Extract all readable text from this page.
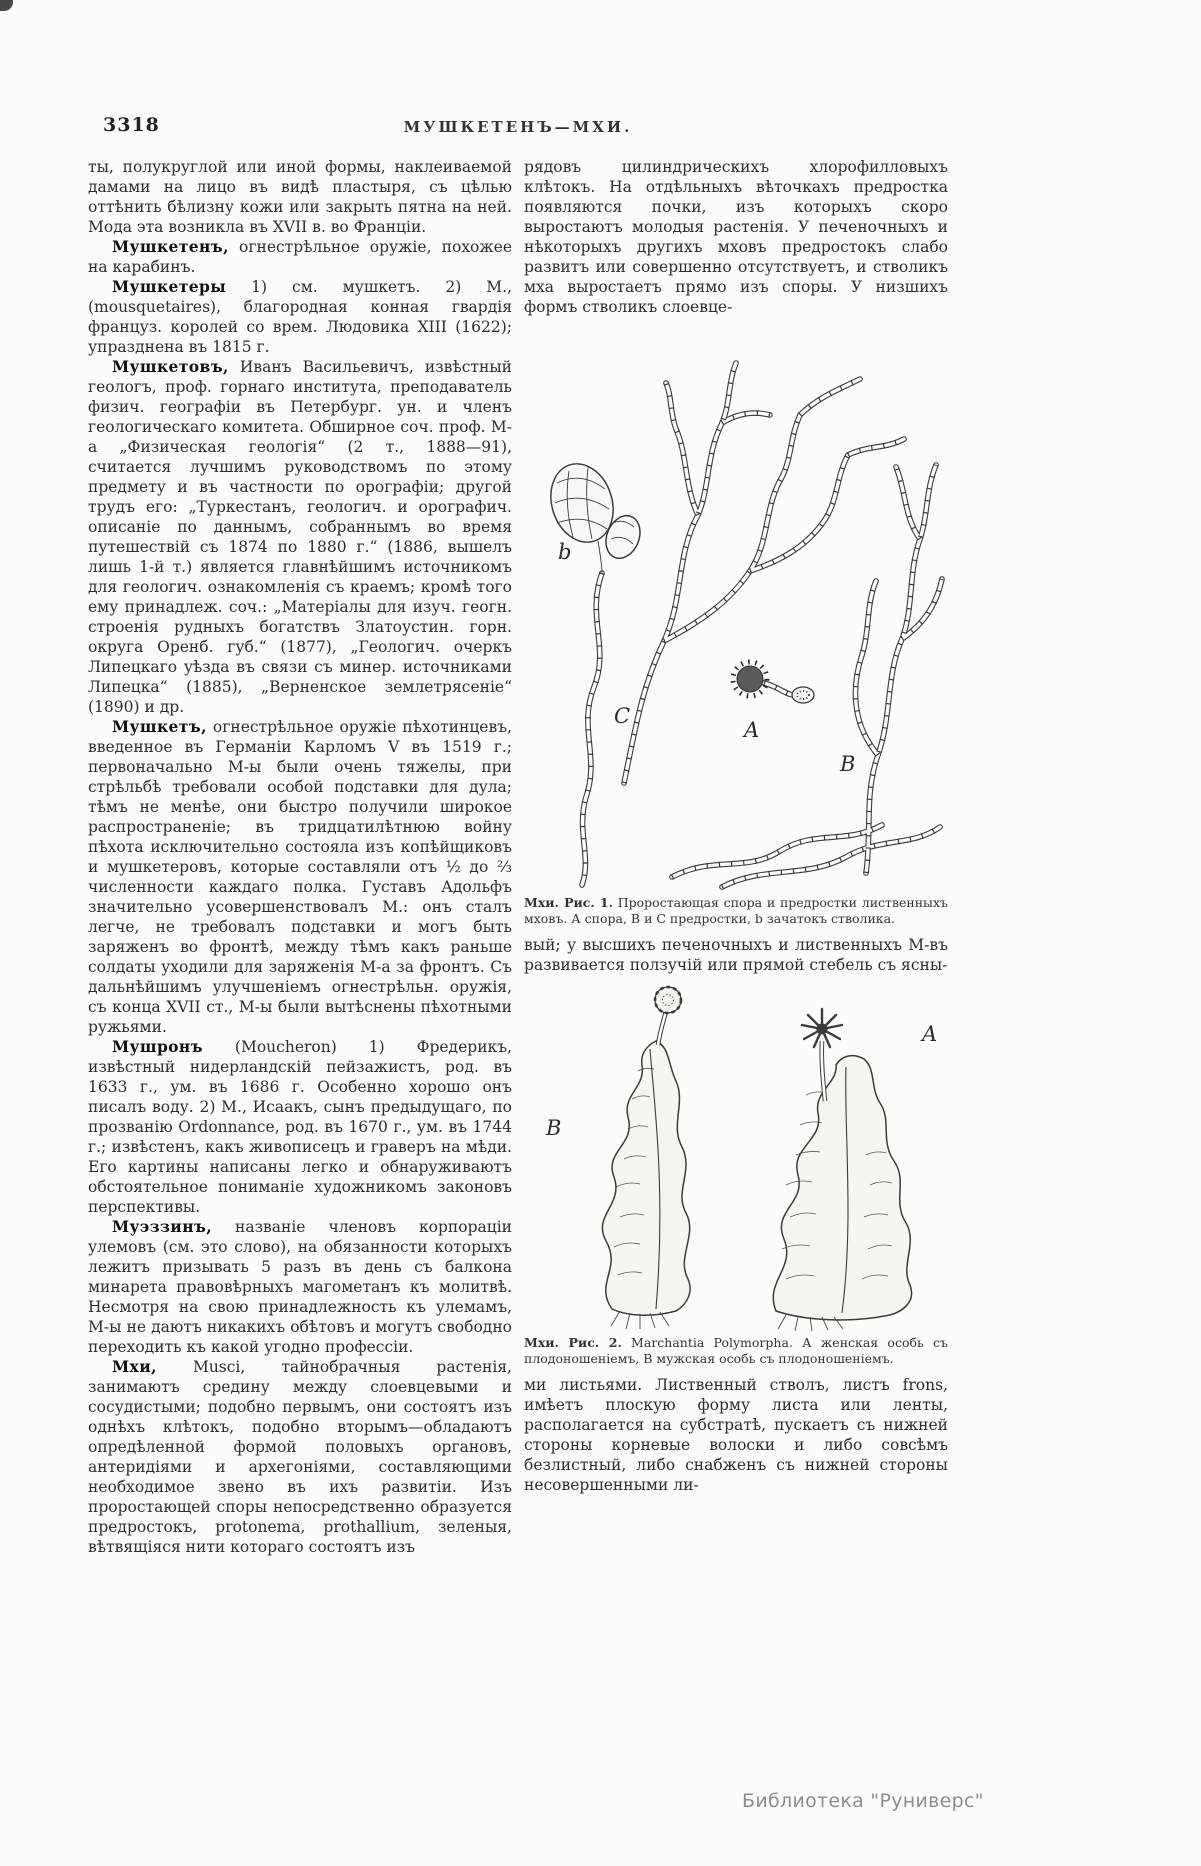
3318	МУШКЕТЕНЪ—МХИ.

ты, полукруглой или иной формы, наклеиваемой дамами на лицо въ видѣ пластыря, съ цѣлью оттѣнить бѣлизну кожи или закрыть пятна на ней. Мода эта возникла въ XVII в. во Франціи.

Мушкетенъ, огнестрѣльное оружіе, похожее на карабинъ.

Мушкетеры 1) см. мушкетъ. 2) М., (mousquetaires), благородная конная гвардія француз. королей со врем. Людовика XIII (1622); упразднена въ 1815 г.

Мушкетовъ, Иванъ Васильевичъ, извѣстный геологъ, проф. горнаго института, преподаватель физич. географіи въ Петербург. ун. и членъ геологическаго комитета. Обширное соч. проф. М-а „Физическая геологія“ (2 т., 1888—91), считается лучшимъ руководствомъ по этому предмету и въ частности по орографіи; другой трудъ его: „Туркестанъ, геологич. и орографич. описаніе по даннымъ, собраннымъ во время путешествій съ 1874 по 1880 г.“ (1886, вышелъ лишь 1-й т.) является главнѣйшимъ источникомъ для геологич. ознакомленія съ краемъ; кромѣ того ему принадлеж. соч.: „Матеріалы для изуч. геогн. строенія рудныхъ богатствъ Златоустин. горн. округа Оренб. губ.“ (1877), „Геологич. очеркъ Липецкаго уѣзда въ связи съ минер. источниками Липецка“ (1885), „Верненское землетрясеніе“ (1890) и др.

Мушкетъ, огнестрѣльное оружіе пѣхотинцевъ, введенное въ Германіи Карломъ V въ 1519 г.; первоначально М-ы были очень тяжелы, при стрѣльбѣ требовали особой подставки для дула; тѣмъ не менѣе, они быстро получили широкое распространеніе; въ тридцатилѣтнюю войну пѣхота исключительно состояла изъ копѣйщиковъ и мушкетеровъ, которые составляли отъ ½ до ⅔ численности каждаго полка. Густавъ Адольфъ значительно усовершенствовалъ М.: онъ сталъ легче, не требовалъ подставки и могъ быть заряженъ во фронтѣ, между тѣмъ какъ раньше солдаты уходили для заряженія М-а за фронтъ. Съ дальнѣйшимъ улучшеніемъ огнестрѣльн. оружія, съ конца XVII ст., М-ы были вытѣснены пѣхотными ружьями.

Мушронъ (Moucheron) 1) Фредерикъ, извѣстный нидерландскій пейзажистъ, род. въ 1633 г., ум. въ 1686 г. Особенно хорошо онъ писалъ воду. 2) М., Исаакъ, сынъ предыдущаго, по прозванію Ordonnance, род. въ 1670 г., ум. въ 1744 г.; извѣстенъ, какъ живописецъ и граверъ на мѣди. Его картины написаны легко и обнаруживаютъ обстоятельное пониманіе художникомъ законовъ перспективы.

Муэззинъ, названіе членовъ корпораціи улемовъ (см. это слово), на обязанности которыхъ лежитъ призывать 5 разъ въ день съ балкона минарета правовѣрныхъ магометанъ къ молитвѣ. Несмотря на свою принадлежность къ улемамъ, М-ы не даютъ никакихъ обѣтовъ и могутъ свободно переходить къ какой угодно профессіи.

Мхи, Musci, тайнобрачныя растенія, занимаютъ средину между слоевцевыми и сосудистыми; подобно первымъ, они состоятъ изъ однѣхъ клѣтокъ, подобно вторымъ—обладаютъ опредѣленной формой половыхъ органовъ, антеридіями и архегоніями, составляющими необходимое звено въ ихъ развитіи. Изъ проростающей споры непосредственно образуется предростокъ, protonema, prothallium, зеленыя, вѣтвящіяся нити котораго состоятъ изъ

рядовъ цилиндрическихъ хлорофилловыхъ клѣтокъ. На отдѣльныхъ вѣточкахъ предростка появляются почки, изъ которыхъ скоро выростаютъ молодыя растенія. У печеночныхъ и нѣкоторыхъ другихъ мховъ предростокъ слабо развитъ или совершенно отсутствуетъ, и стволикъ мха выростаетъ прямо изъ споры. У низшихъ формъ стволикъ слоевце-

b
C
A
B

Мхи. Рис. 1. Проростающая спора и предростки лиственныхъ мховъ. А спора, В и С предростки, b зачатокъ стволика.

вый; у высшихъ печеночныхъ и лиственныхъ М-въ развивается ползучій или прямой стебель съ ясны-

B
A

Мхи. Рис. 2. Marchantia Polymorpha. А женская особь съ плодоношеніемъ, В мужская особь съ плодоношеніемъ.

ми листьями. Лиственный стволъ, листъ frons, имѣетъ плоскую форму листа или ленты, располагается на субстратѣ, пускаетъ съ нижней стороны корневые волоски и либо совсѣмъ безлистный, либо снабженъ съ нижней стороны несовершенными ли-

Библиотека "Руниверс"
